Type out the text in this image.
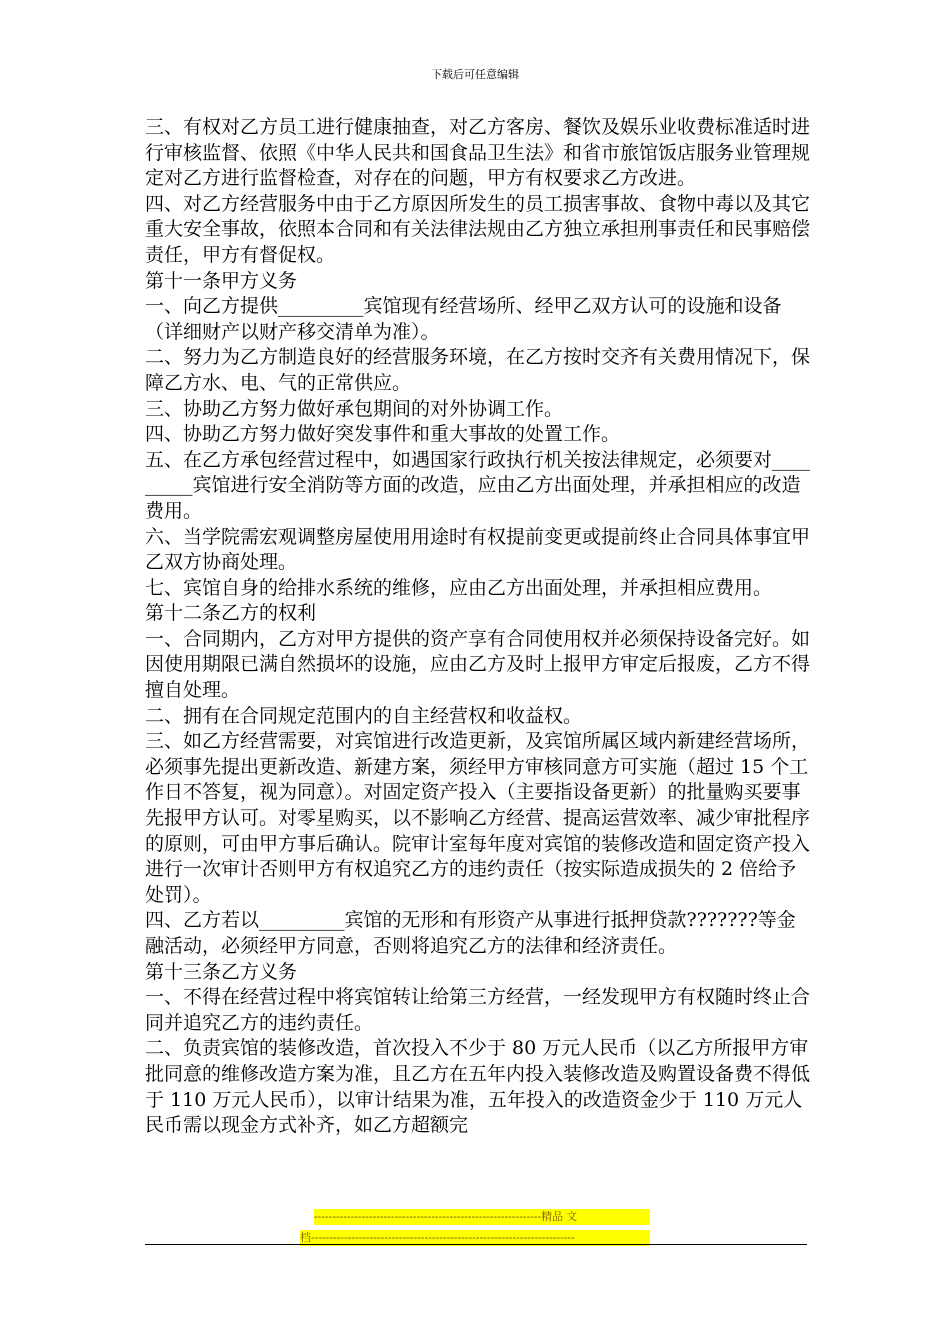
下载后可任意编辑

三、有权对乙方员工进行健康抽查，对乙方客房、餐饮及娱乐业收费标准适时进行审核监督、依照《中华人民共和国食品卫生法》和省市旅馆饭店服务业管理规定对乙方进行监督检查，对存在的问题，甲方有权要求乙方改进。

四、对乙方经营服务中由于乙方原因所发生的员工损害事故、食物中毒以及其它重大安全事故，依照本合同和有关法律法规由乙方独立承担刑事责任和民事赔偿责任，甲方有督促权。

第十一条甲方义务

一、向乙方提供_________宾馆现有经营场所、经甲乙双方认可的设施和设备（详细财产以财产移交清单为准）。

二、努力为乙方制造良好的经营服务环境，在乙方按时交齐有关费用情况下，保障乙方水、电、气的正常供应。

三、协助乙方努力做好承包期间的对外协调工作。

四、协助乙方努力做好突发事件和重大事故的处置工作。

五、在乙方承包经营过程中，如遇国家行政执行机关按法律规定，必须要对_________宾馆进行安全消防等方面的改造，应由乙方出面处理，并承担相应的改造费用。

六、当学院需宏观调整房屋使用用途时有权提前变更或提前终止合同具体事宜甲乙双方协商处理。

七、宾馆自身的给排水系统的维修，应由乙方出面处理，并承担相应费用。

第十二条乙方的权利

一、合同期内，乙方对甲方提供的资产享有合同使用权并必须保持设备完好。如因使用期限已满自然损坏的设施，应由乙方及时上报甲方审定后报废，乙方不得擅自处理。

二、拥有在合同规定范围内的自主经营权和收益权。

三、如乙方经营需要，对宾馆进行改造更新，及宾馆所属区域内新建经营场所，必须事先提出更新改造、新建方案，须经甲方审核同意方可实施（超过 15 个工作日不答复，视为同意）。对固定资产投入（主要指设备更新）的批量购买要事先报甲方认可。对零星购买，以不影响乙方经营、提高运营效率、减少审批程序的原则，可由甲方事后确认。院审计室每年度对宾馆的装修改造和固定资产投入进行一次审计否则甲方有权追究乙方的违约责任（按实际造成损失的 2 倍给予处罚）。

四、乙方若以_________宾馆的无形和有形资产从事进行抵押贷款???????等金融活动，必须经甲方同意，否则将追究乙方的法律和经济责任。

第十三条乙方义务

一、不得在经营过程中将宾馆转让给第三方经营，一经发现甲方有权随时终止合同并追究乙方的违约责任。

二、负责宾馆的装修改造，首次投入不少于 80 万元人民币（以乙方所报甲方审批同意的维修改造方案为准，且乙方在五年内投入装修改造及购置设备费不得低于 110 万元人民币），以审计结果为准，五年投入的改造资金少于 110 万元人民币需以现金方式补齐，如乙方超额完

--------------------------------------------------------------精品 文
档------------------------------------------------------------------------
